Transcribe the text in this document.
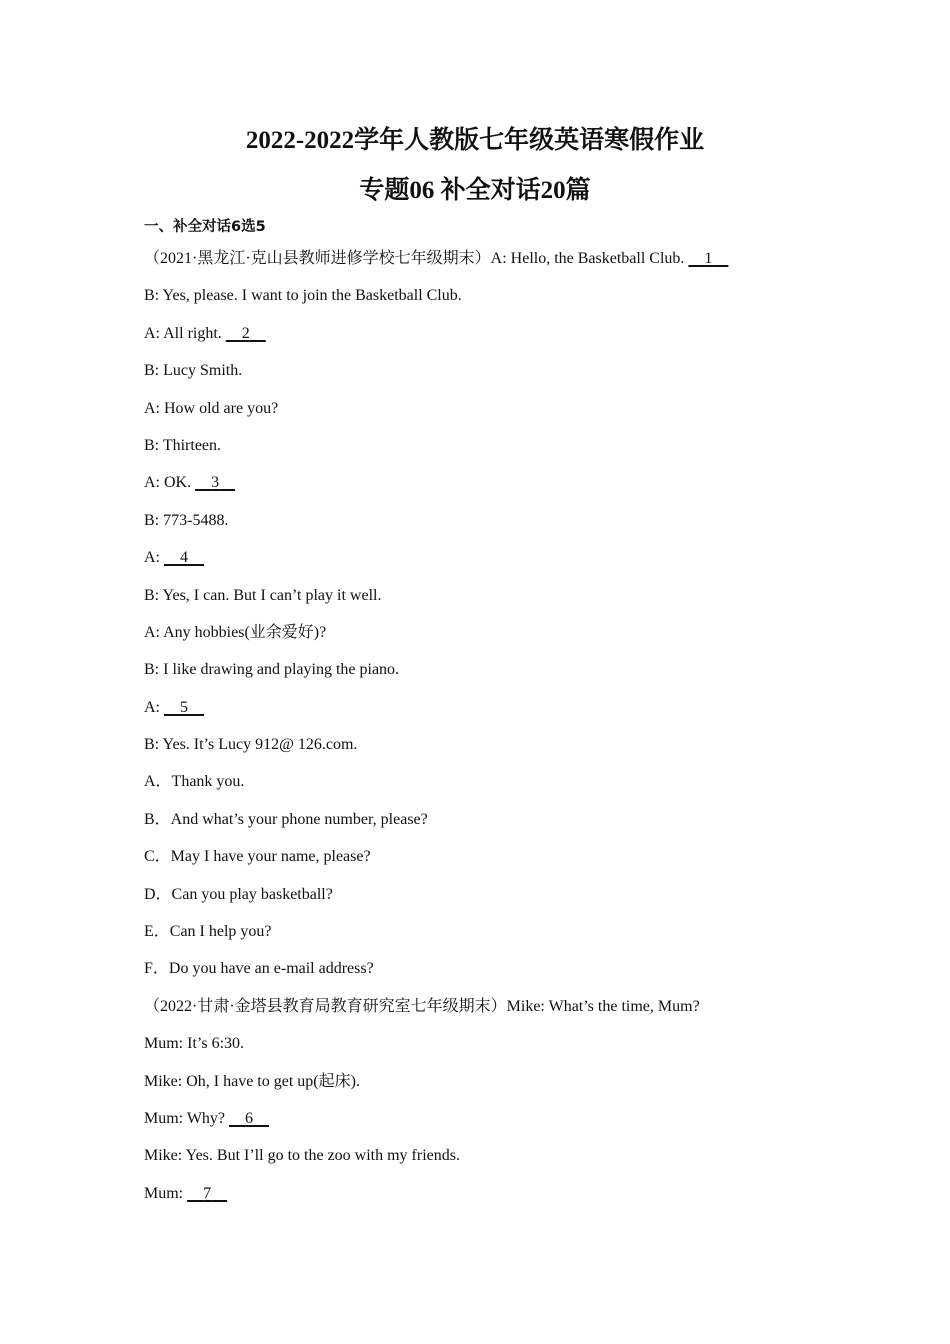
2022-2022学年人教版七年级英语寒假作业
专题06 补全对话20篇
一、补全对话6选5
（2021·黑龙江·克山县教师进修学校七年级期末）A: Hello, the Basketball Club.     1
B: Yes, please. I want to join the Basketball Club.
A: All right.     2
B: Lucy Smith.
A: How old are you?
B: Thirteen.
A: OK.     3
B: 773-5488.
A:     4
B: Yes, I can. But I can’t play it well.
A: Any hobbies(业余爱好)?
B: I like drawing and playing the piano.
A:     5
B: Yes. It’s Lucy 912@ 126.com.
A．Thank you.
B．And what’s your phone number, please?
C．May I have your name, please?
D．Can you play basketball?
E．Can I help you?
F．Do you have an e-mail address?
（2022·甘肃·金塔县教育局教育研究室七年级期末）Mike: What’s the time, Mum?
Mum: It’s 6:30.
Mike: Oh, I have to get up(起床).
Mum: Why?     6
Mike: Yes. But I’ll go to the zoo with my friends.
Mum:     7
